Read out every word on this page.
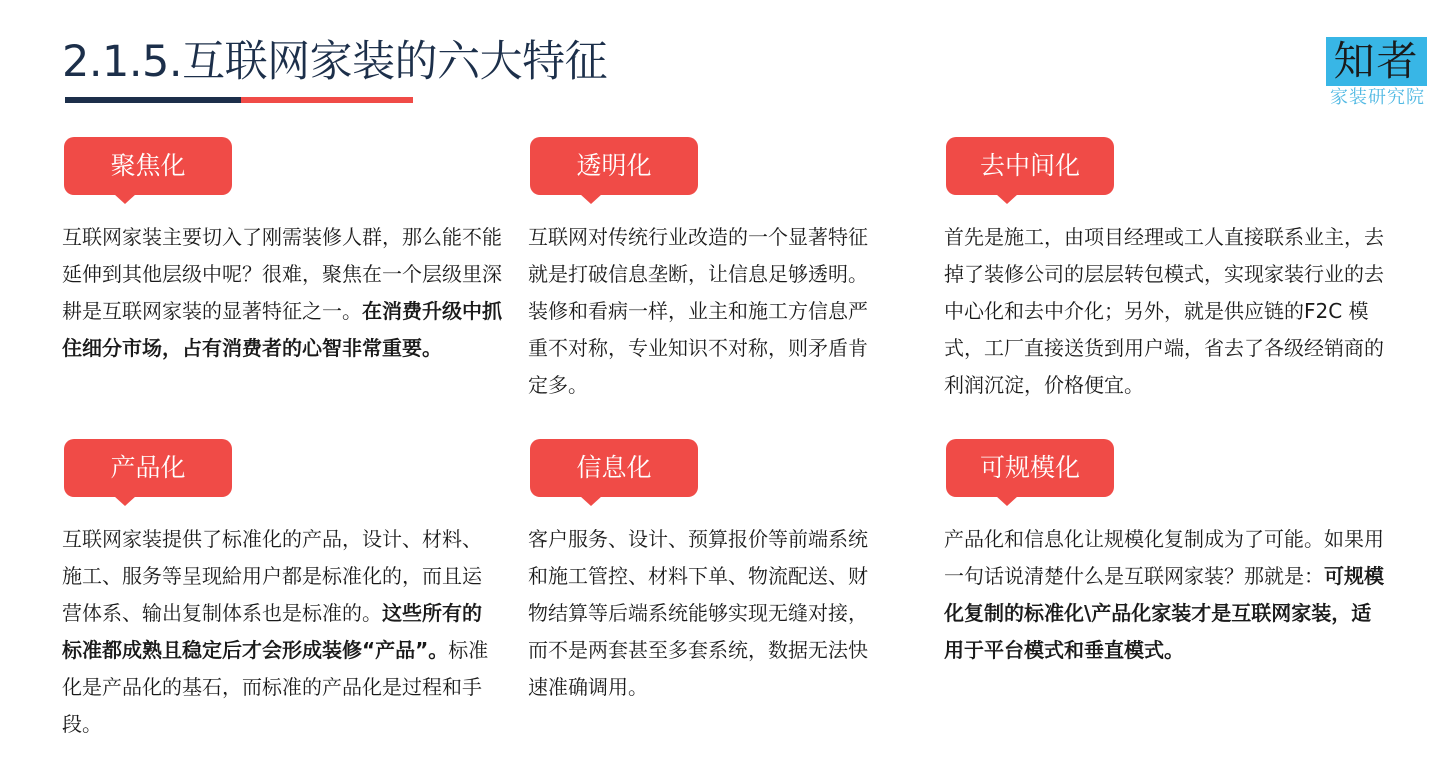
2.1.5.互联网家装的六大特征	知者
家装研究院
聚焦化
互联网家装主要切入了刚需装修人群，那么能不能延伸到其他层级中呢？很难，聚焦在一个层级里深耕是互联网家装的显著特征之一。在消费升级中抓住细分市场，占有消费者的心智非常重要。
透明化
互联网对传统行业改造的一个显著特征就是打破信息垄断，让信息足够透明。装修和看病一样，业主和施工方信息严重不对称，专业知识不对称，则矛盾肯定多。
去中间化
首先是施工，由项目经理或工人直接联系业主，去掉了装修公司的层层转包模式，实现家装行业的去中心化和去中介化；另外，就是供应链的F2C 模式，工厂直接送货到用户端，省去了各级经销商的利润沉淀，价格便宜。
产品化
互联网家装提供了标准化的产品，设计、材料、施工、服务等呈现給用户都是标准化的，而且运营体系、输出复制体系也是标准的。这些所有的标准都成熟且稳定后才会形成装修“产品”。标准化是产品化的基石，而标准的产品化是过程和手段。
信息化
客户服务、设计、预算报价等前端系统和施工管控、材料下单、物流配送、财物结算等后端系统能够实现无缝对接，而不是两套甚至多套系统，数据无法快速准确调用。
可规模化
产品化和信息化让规模化复制成为了可能。如果用一句话说清楚什么是互联网家装？那就是：可规模化复制的标准化\产品化家装才是互联网家装，适用于平台模式和垂直模式。
